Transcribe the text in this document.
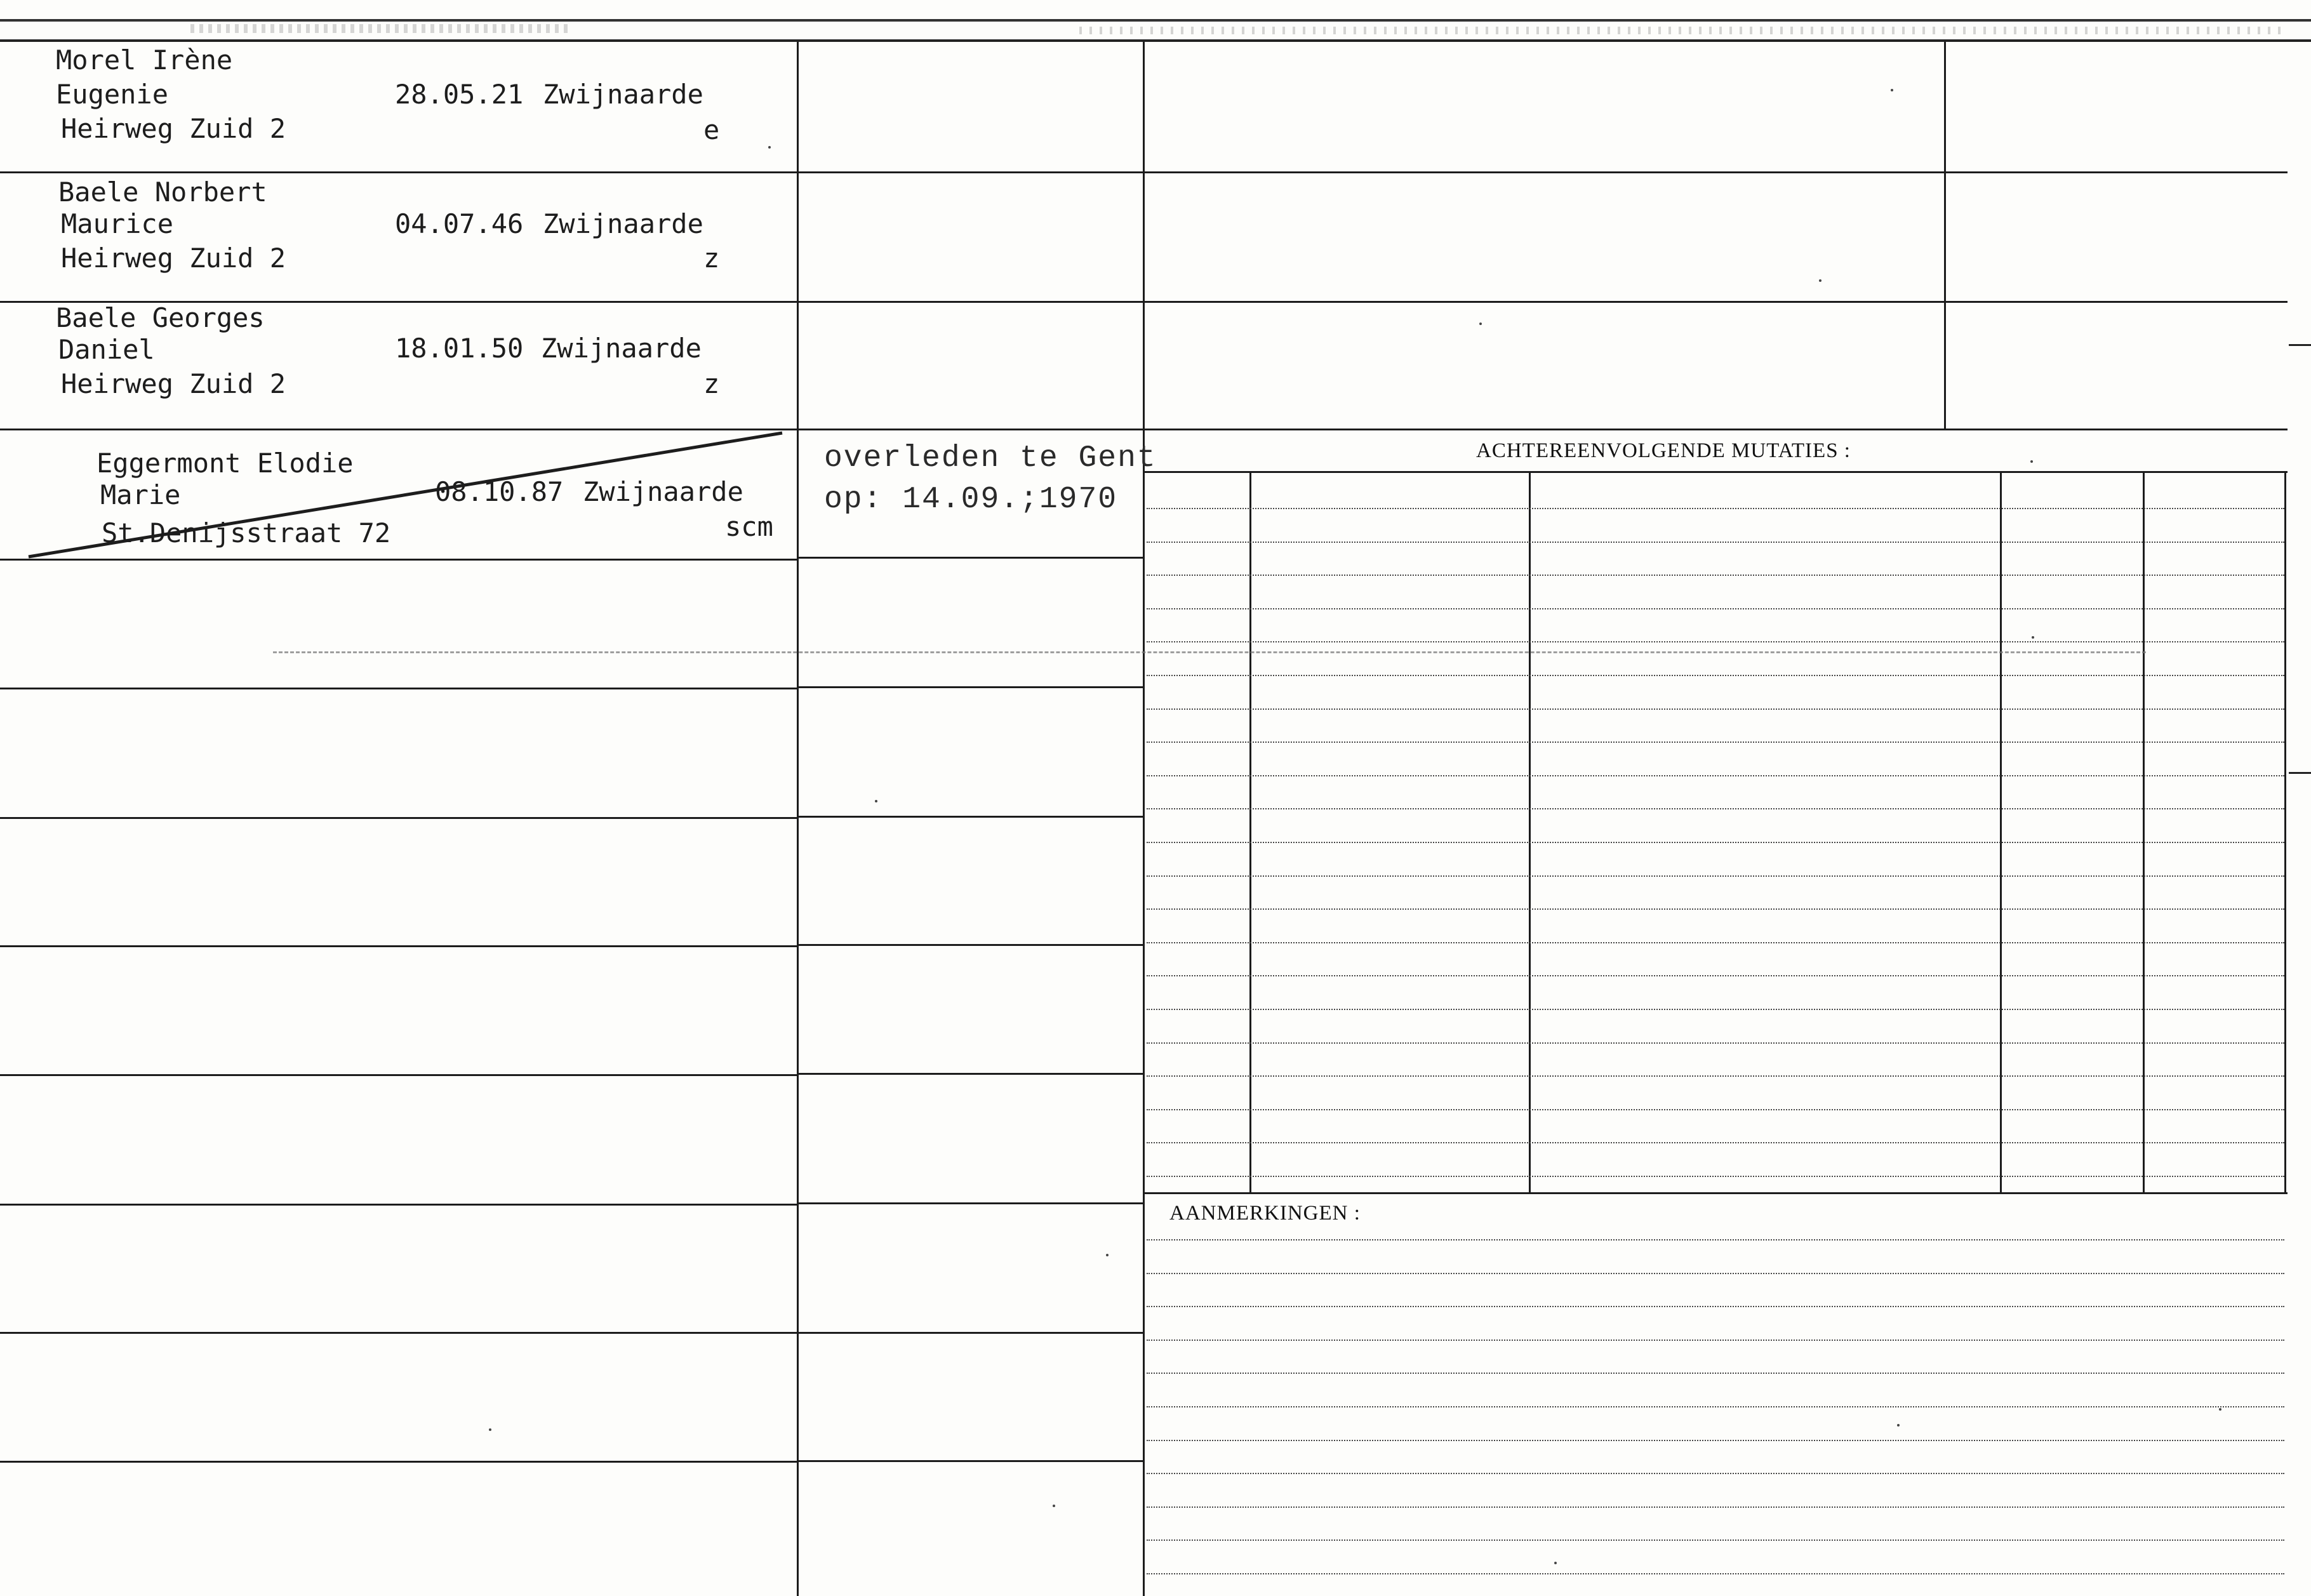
ACHTEREENVOLGENDE MUTATIES :
AANMERKINGEN :
Morel Irène
Eugenie
Heirweg Zuid 2
28.05.21 Zwijnaarde
e
Baele Norbert
Maurice
Heirweg Zuid 2
04.07.46 Zwijnaarde
z
Baele Georges
Daniel
Heirweg Zuid 2
18.01.50 Zwijnaarde
z
Eggermont Elodie
Marie
St.Denijsstraat 72
08.10.87 Zwijnaarde
scm
overleden te Gent
op: 14.09.;1970
